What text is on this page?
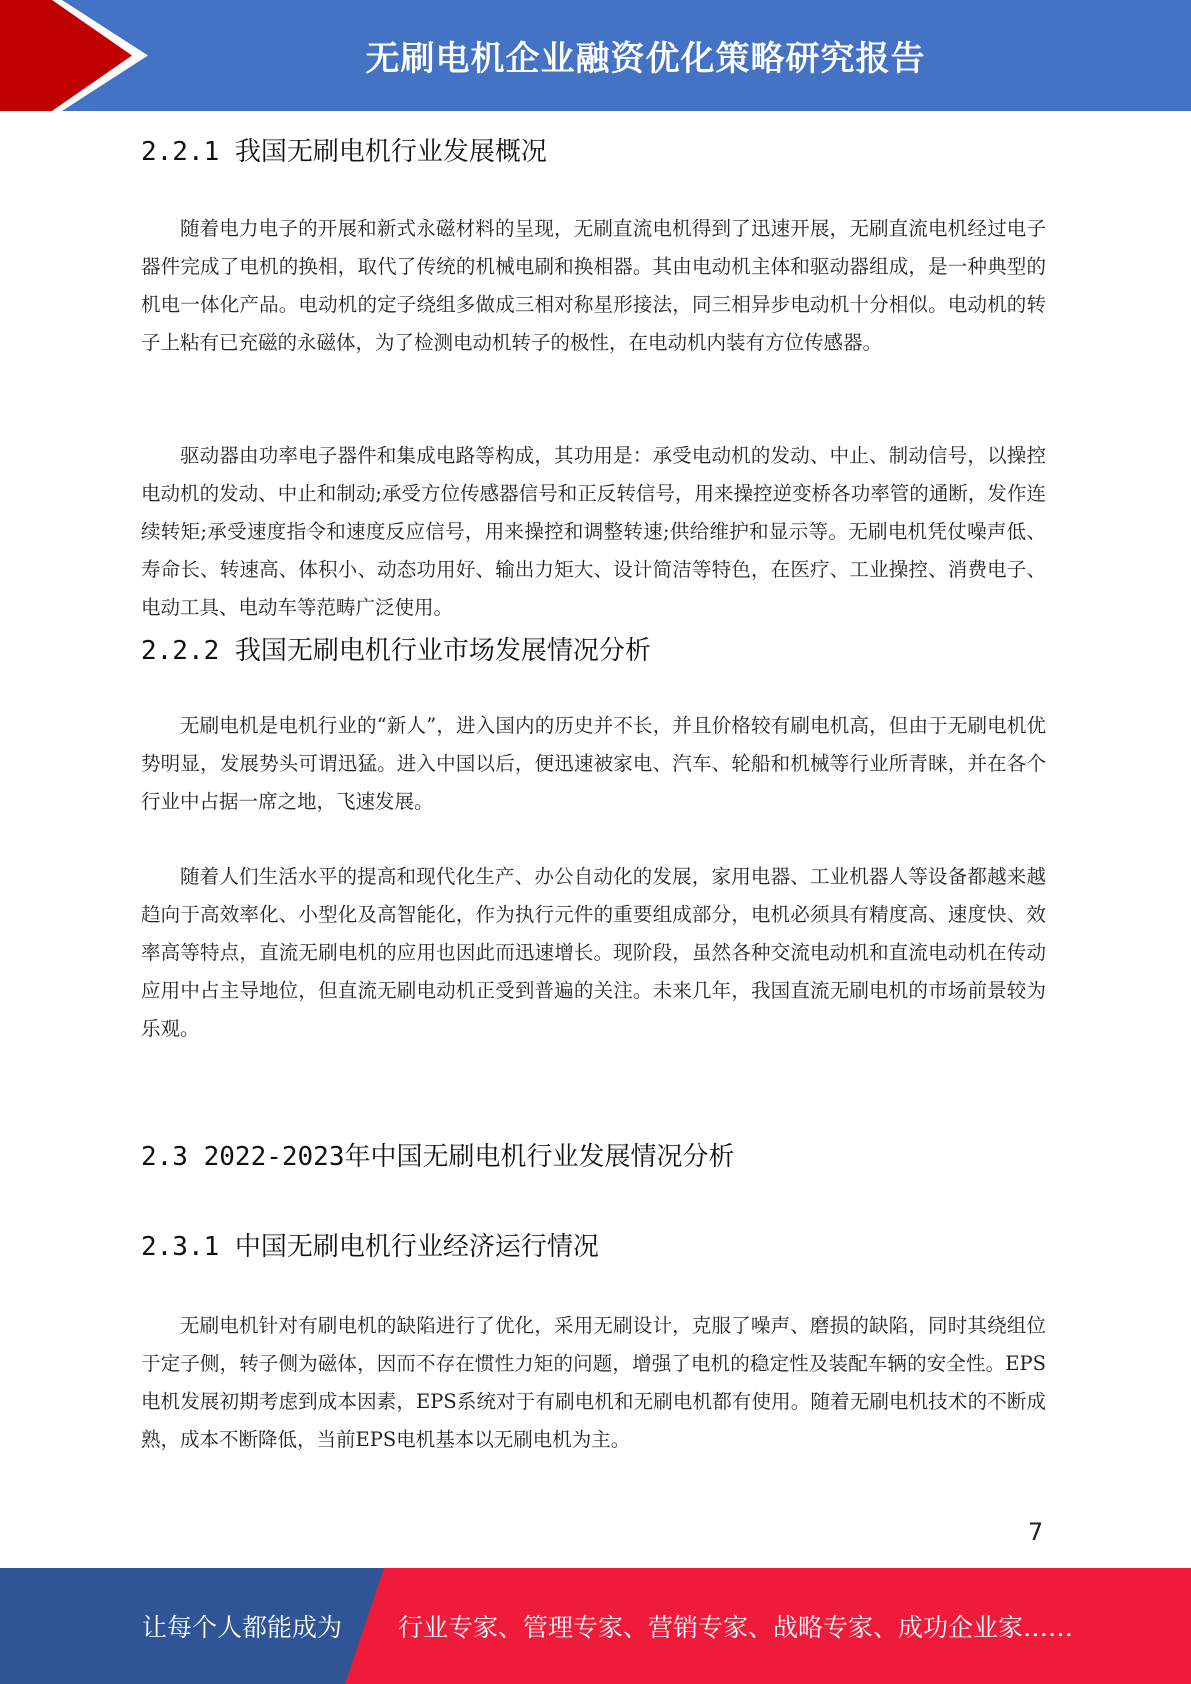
无刷电机企业融资优化策略研究报告
2.2.1 我国无刷电机行业发展概况

随着电力电子的开展和新式永磁材料的呈现，无刷直流电机得到了迅速开展，无刷直流电机经过电子器件完成了电机的换相，取代了传统的机械电刷和换相器。其由电动机主体和驱动器组成，是一种典型的机电一体化产品。电动机的定子绕组多做成三相对称星形接法，同三相异步电动机十分相似。电动机的转子上粘有已充磁的永磁体，为了检测电动机转子的极性，在电动机内装有方位传感器。

驱动器由功率电子器件和集成电路等构成，其功用是：承受电动机的发动、中止、制动信号，以操控电动机的发动、中止和制动;承受方位传感器信号和正反转信号，用来操控逆变桥各功率管的通断，发作连续转矩;承受速度指令和速度反应信号，用来操控和调整转速;供给维护和显示等。无刷电机凭仗噪声低、寿命长、转速高、体积小、动态功用好、输出力矩大、设计简洁等特色，在医疗、工业操控、消费电子、电动工具、电动车等范畴广泛使用。

2.2.2 我国无刷电机行业市场发展情况分析

无刷电机是电机行业的“新人”，进入国内的历史并不长，并且价格较有刷电机高，但由于无刷电机优势明显，发展势头可谓迅猛。进入中国以后，便迅速被家电、汽车、轮船和机械等行业所青睐，并在各个行业中占据一席之地，飞速发展。

随着人们生活水平的提高和现代化生产、办公自动化的发展，家用电器、工业机器人等设备都越来越趋向于高效率化、小型化及高智能化，作为执行元件的重要组成部分，电机必须具有精度高、速度快、效率高等特点，直流无刷电机的应用也因此而迅速增长。现阶段，虽然各种交流电动机和直流电动机在传动应用中占主导地位，但直流无刷电动机正受到普遍的关注。未来几年，我国直流无刷电机的市场前景较为乐观。

2.3 2022-2023年中国无刷电机行业发展情况分析
2.3.1 中国无刷电机行业经济运行情况

无刷电机针对有刷电机的缺陷进行了优化，采用无刷设计，克服了噪声、磨损的缺陷，同时其绕组位于定子侧，转子侧为磁体，因而不存在惯性力矩的问题，增强了电机的稳定性及装配车辆的安全性。EPS电机发展初期考虑到成本因素，EPS系统对于有刷电机和无刷电机都有使用。随着无刷电机技术的不断成熟，成本不断降低，当前EPS电机基本以无刷电机为主。

7
让每个人都能成为	行业专家、管理专家、营销专家、战略专家、成功企业家……
